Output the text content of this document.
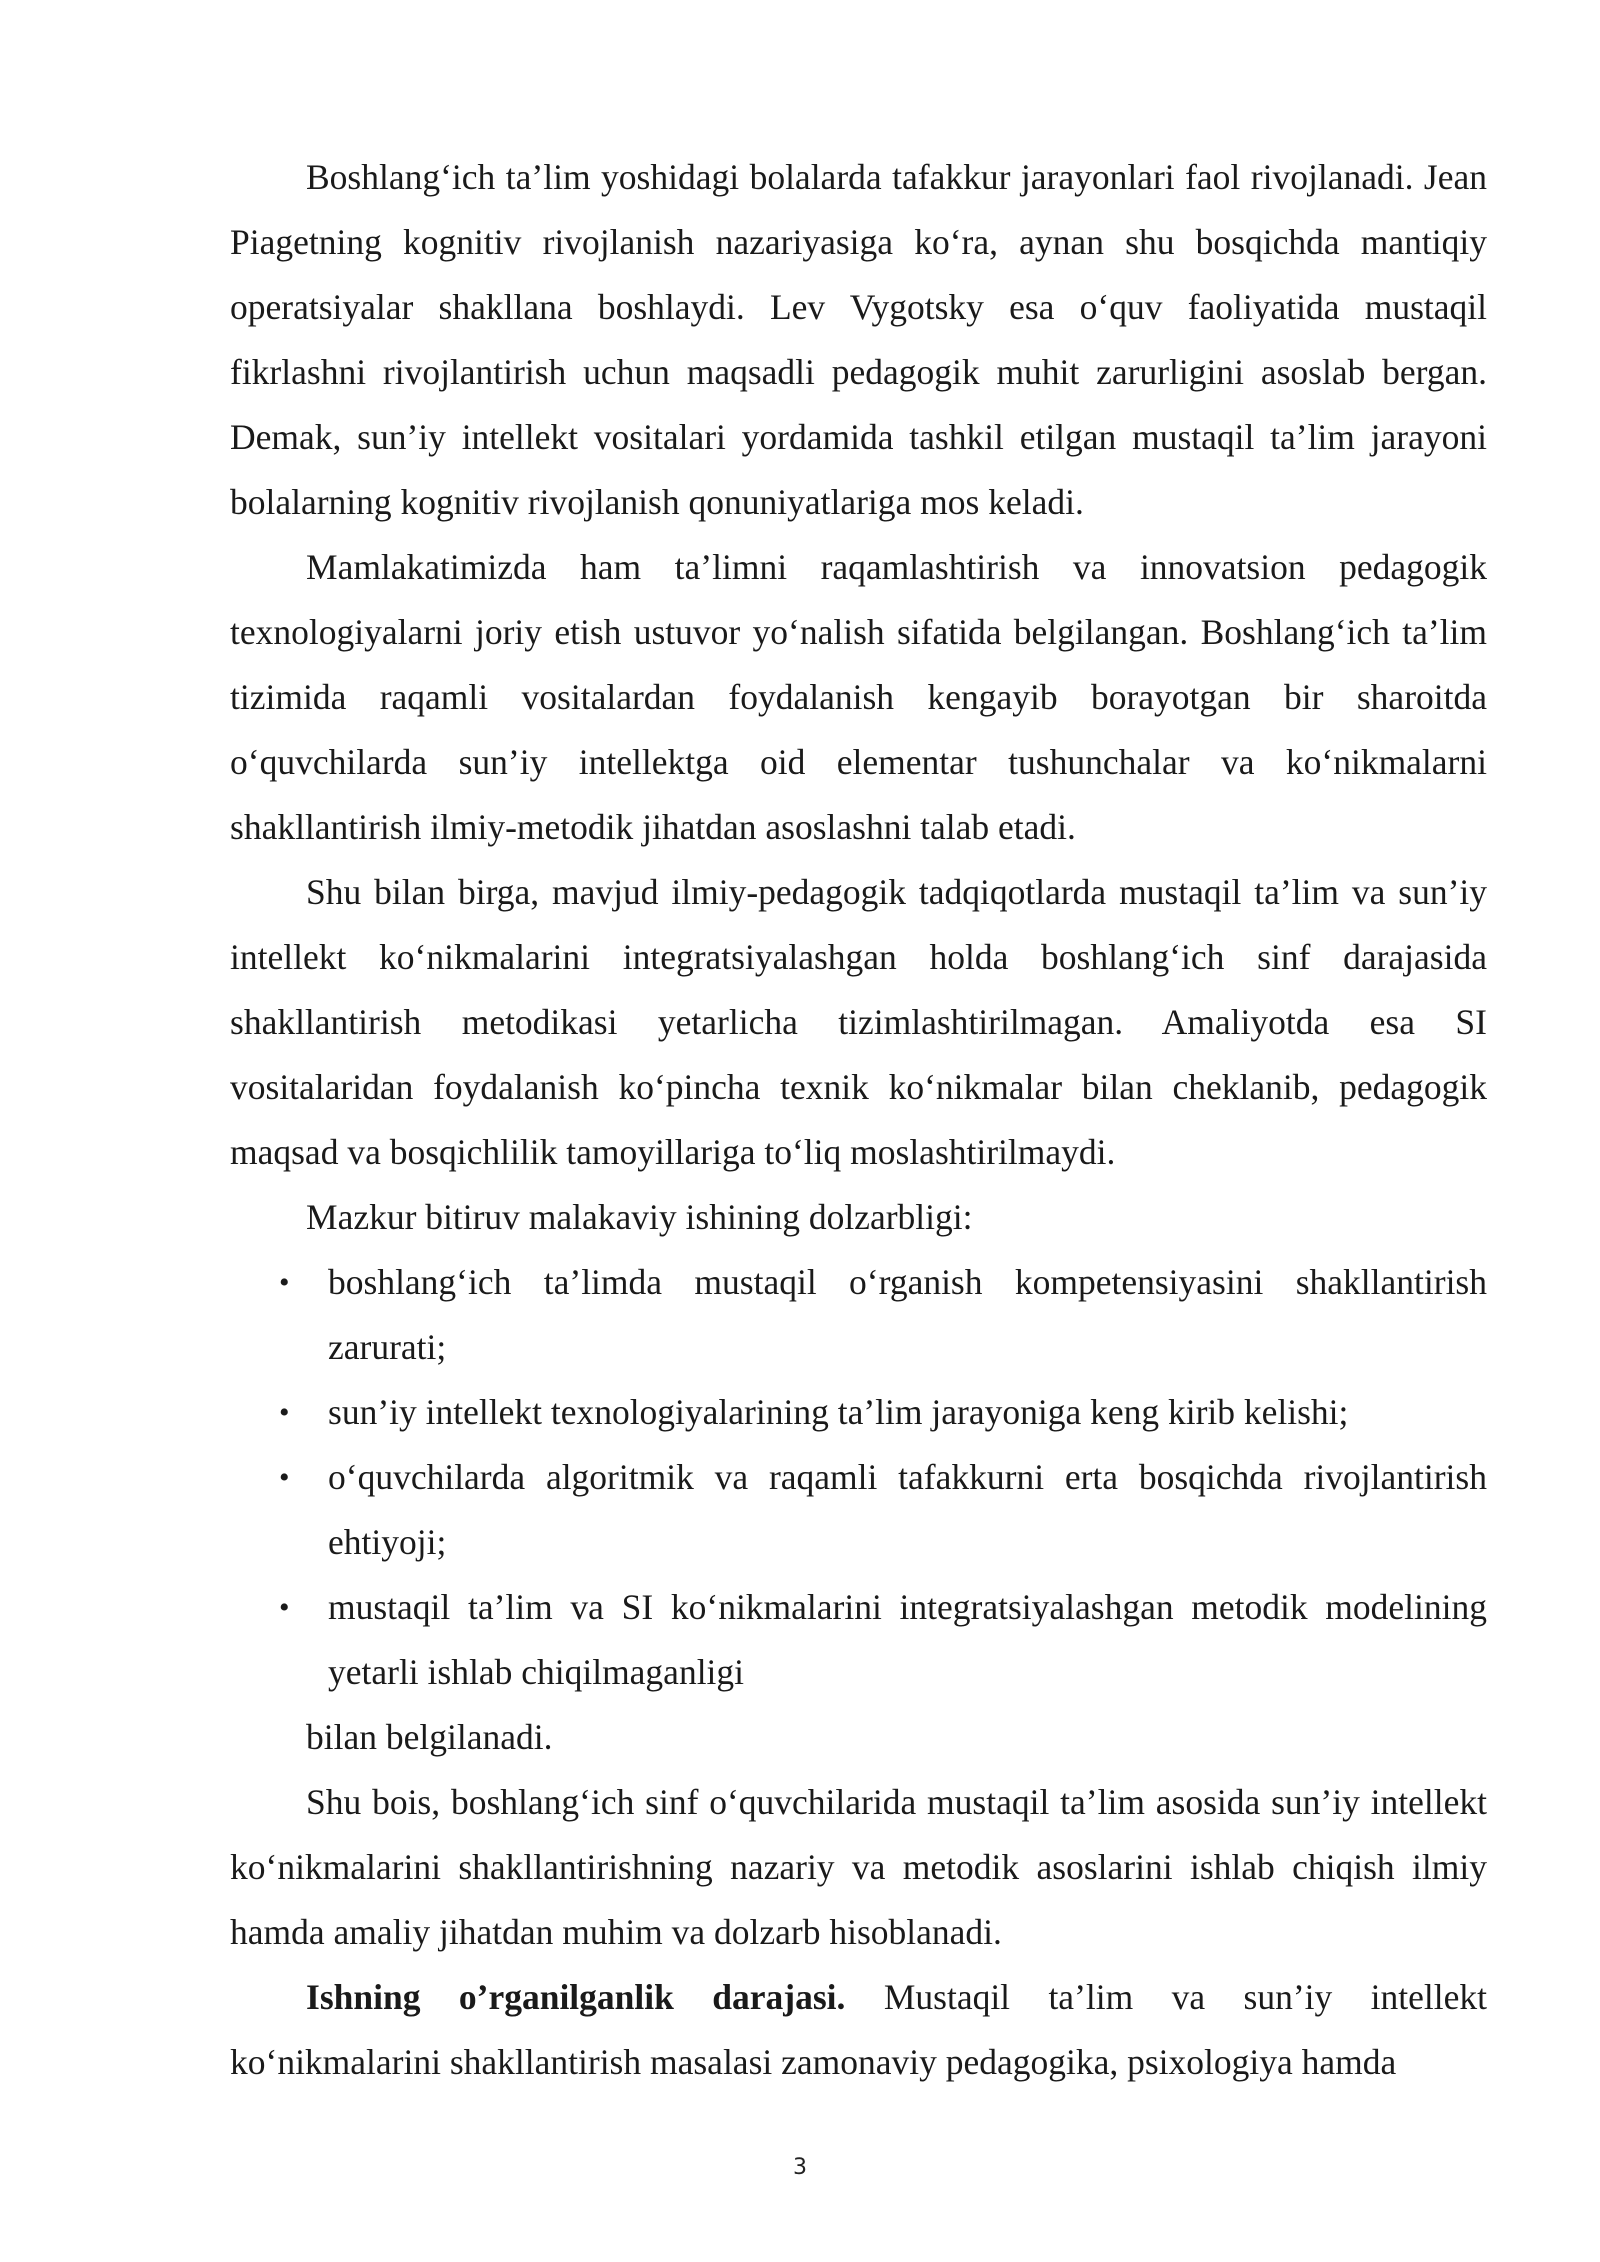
Boshlang‘ich ta’lim yoshidagi bolalarda tafakkur jarayonlari faol rivojlanadi. Jean Piagetning kognitiv rivojlanish nazariyasiga ko‘ra, aynan shu bosqichda mantiqiy operatsiyalar shakllana boshlaydi. Lev Vygotsky esa o‘quv faoliyatida mustaqil fikrlashni rivojlantirish uchun maqsadli pedagogik muhit zarurligini asoslab bergan. Demak, sun’iy intellekt vositalari yordamida tashkil etilgan mustaqil ta’lim jarayoni bolalarning kognitiv rivojlanish qonuniyatlariga mos keladi.

Mamlakatimizda ham ta’limni raqamlashtirish va innovatsion pedagogik texnologiyalarni joriy etish ustuvor yo‘nalish sifatida belgilangan. Boshlang‘ich ta’lim tizimida raqamli vositalardan foydalanish kengayib borayotgan bir sharoitda o‘quvchilarda sun’iy intellektga oid elementar tushunchalar va ko‘nikmalarni shakllantirish ilmiy-metodik jihatdan asoslashni talab etadi.

Shu bilan birga, mavjud ilmiy-pedagogik tadqiqotlarda mustaqil ta’lim va sun’iy intellekt ko‘nikmalarini integratsiyalashgan holda boshlang‘ich sinf darajasida shakllantirish metodikasi yetarlicha tizimlashtirilmagan. Amaliyotda esa SI vositalaridan foydalanish ko‘pincha texnik ko‘nikmalar bilan cheklanib, pedagogik maqsad va bosqichlilik tamoyillariga to‘liq moslashtirilmaydi.

Mazkur bitiruv malakaviy ishining dolzarbligi:

• boshlang‘ich ta’limda mustaqil o‘rganish kompetensiyasini shakllantirish zarurati;
• sun’iy intellekt texnologiyalarining ta’lim jarayoniga keng kirib kelishi;
• o‘quvchilarda algoritmik va raqamli tafakkurni erta bosqichda rivojlantirish ehtiyoji;
• mustaqil ta’lim va SI ko‘nikmalarini integratsiyalashgan metodik modelining yetarli ishlab chiqilmaganligi

bilan belgilanadi.

Shu bois, boshlang‘ich sinf o‘quvchilarida mustaqil ta’lim asosida sun’iy intellekt ko‘nikmalarini shakllantirishning nazariy va metodik asoslarini ishlab chiqish ilmiy hamda amaliy jihatdan muhim va dolzarb hisoblanadi.

Ishning o’rganilganlik darajasi. Mustaqil ta’lim va sun’iy intellekt ko‘nikmalarini shakllantirish masalasi zamonaviy pedagogika, psixologiya hamda

3
